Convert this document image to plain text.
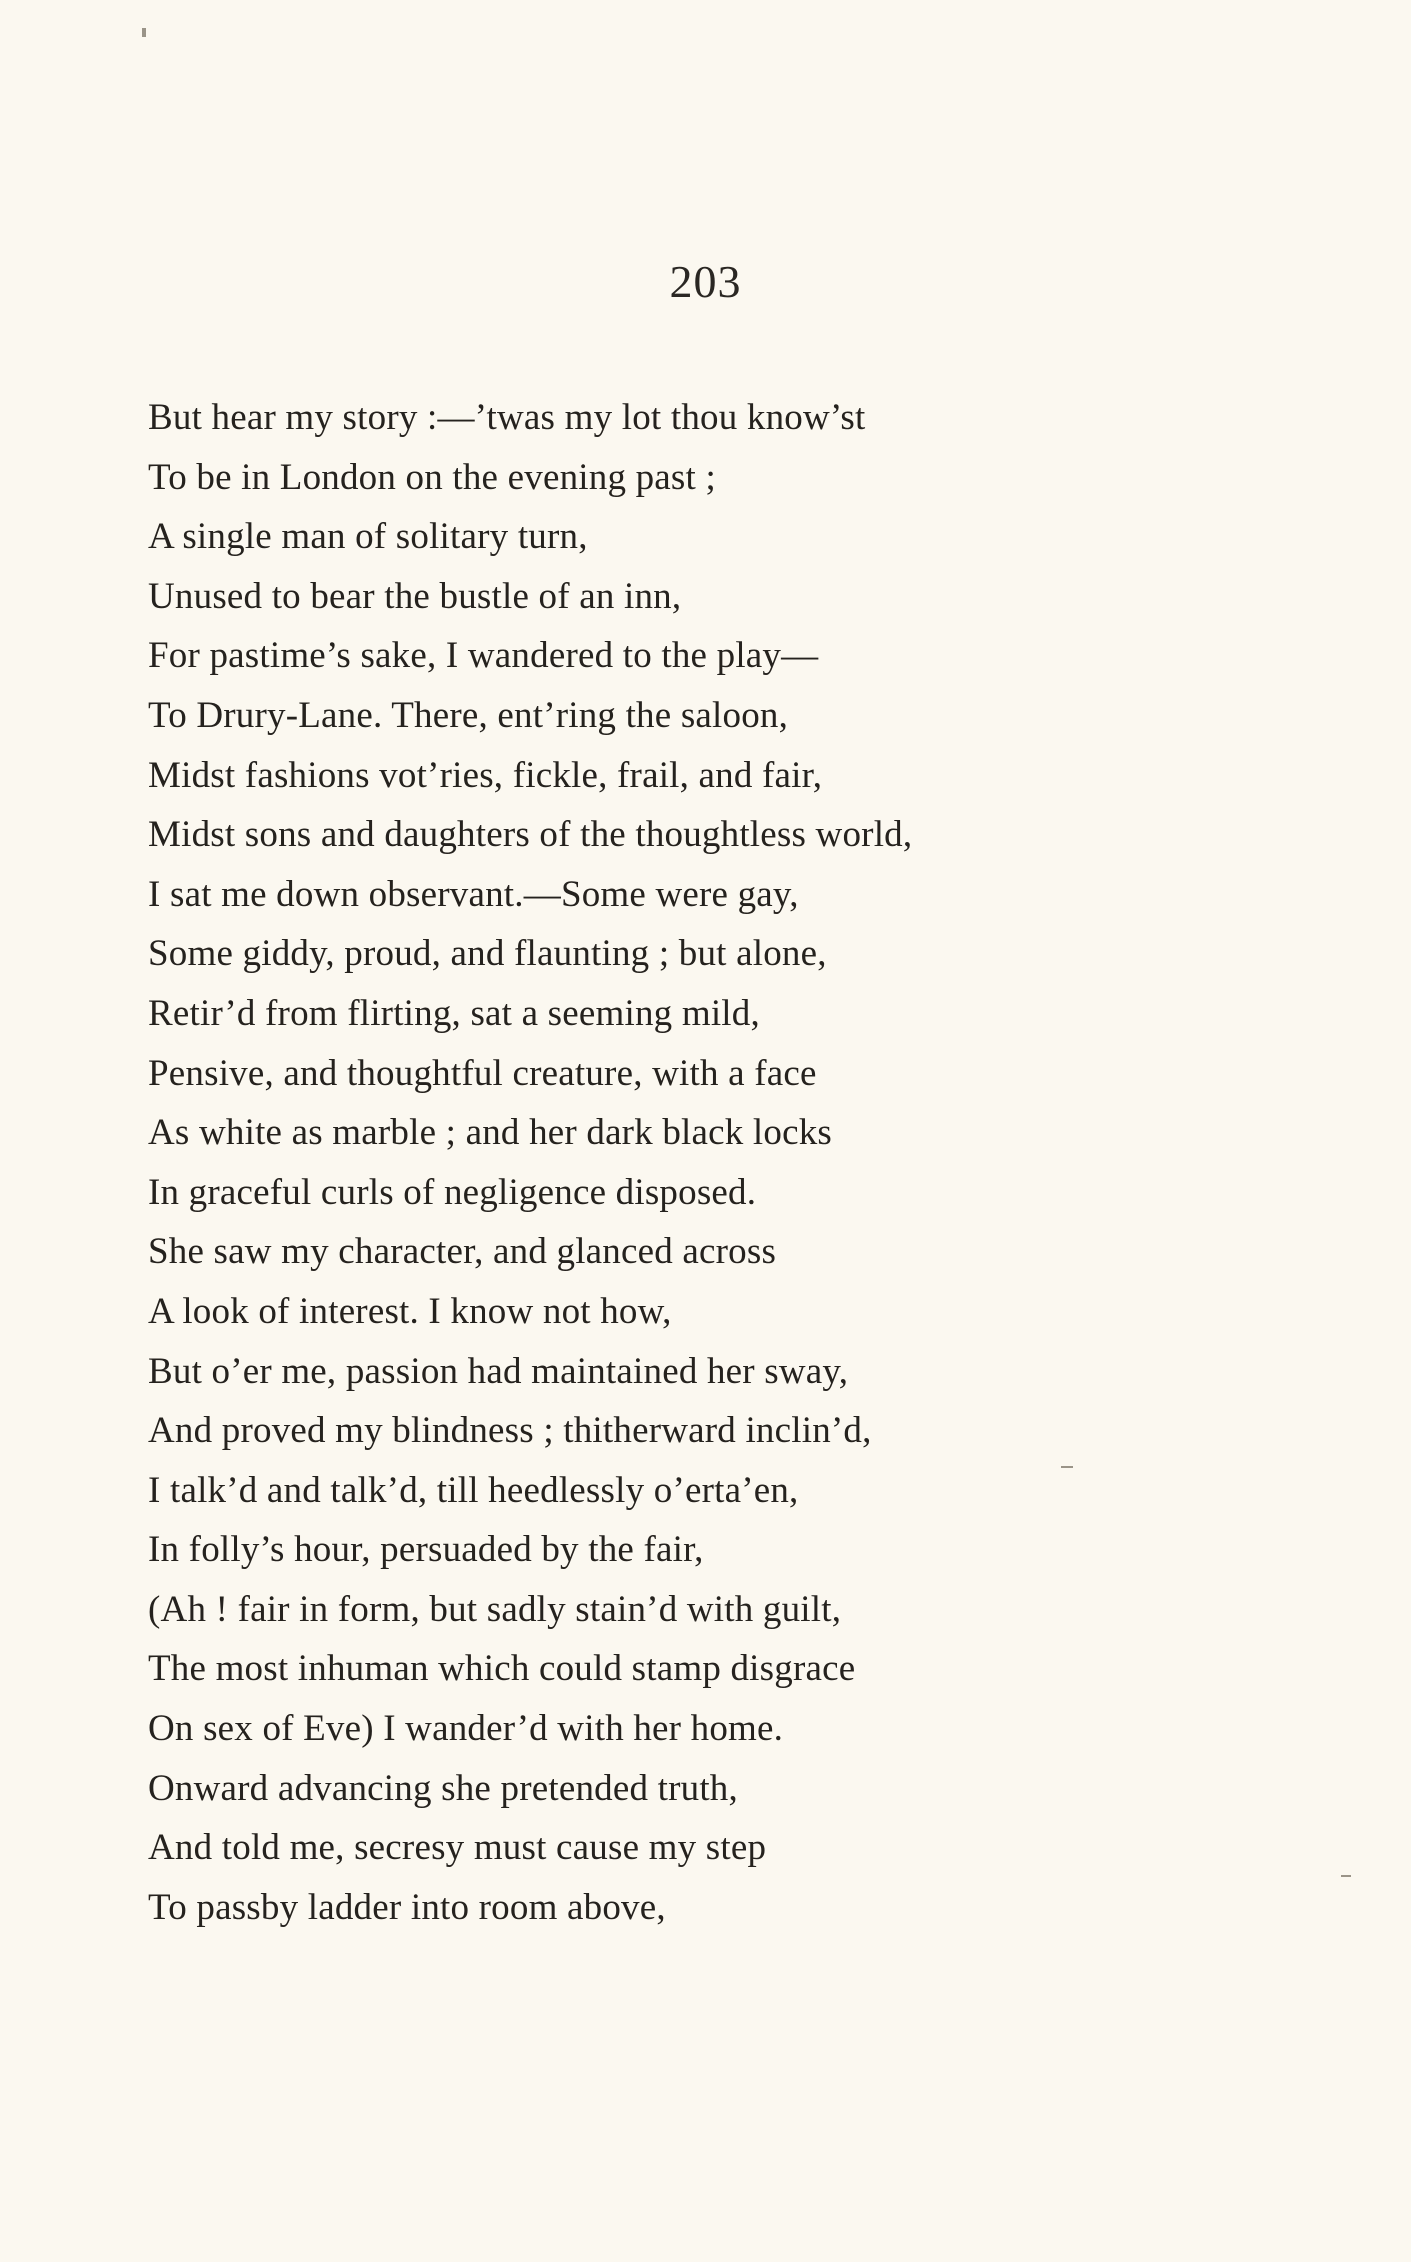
203
But hear my story :—’twas my lot thou know’st
To be in London on the evening past ;
A single man of solitary turn,
Unused to bear the bustle of an inn,
For pastime’s sake, I wandered to the play—
To Drury-Lane. There, ent’ring the saloon,
Midst fashions vot’ries, fickle, frail, and fair,
Midst sons and daughters of the thoughtless world,
I sat me down observant.—Some were gay,
Some giddy, proud, and flaunting ; but alone,
Retir’d from flirting, sat a seeming mild,
Pensive, and thoughtful creature, with a face
As white as marble ; and her dark black locks
In graceful curls of negligence disposed.
She saw my character, and glanced across
A look of interest. I know not how,
But o’er me, passion had maintained her sway,
And proved my blindness ; thitherward inclin’d,
I talk’d and talk’d, till heedlessly o’erta’en,
In folly’s hour, persuaded by the fair,
(Ah ! fair in form, but sadly stain’d with guilt,
The most inhuman which could stamp disgrace
On sex of Eve) I wander’d with her home.
Onward advancing she pretended truth,
And told me, secresy must cause my step
To passby ladder into room above,
